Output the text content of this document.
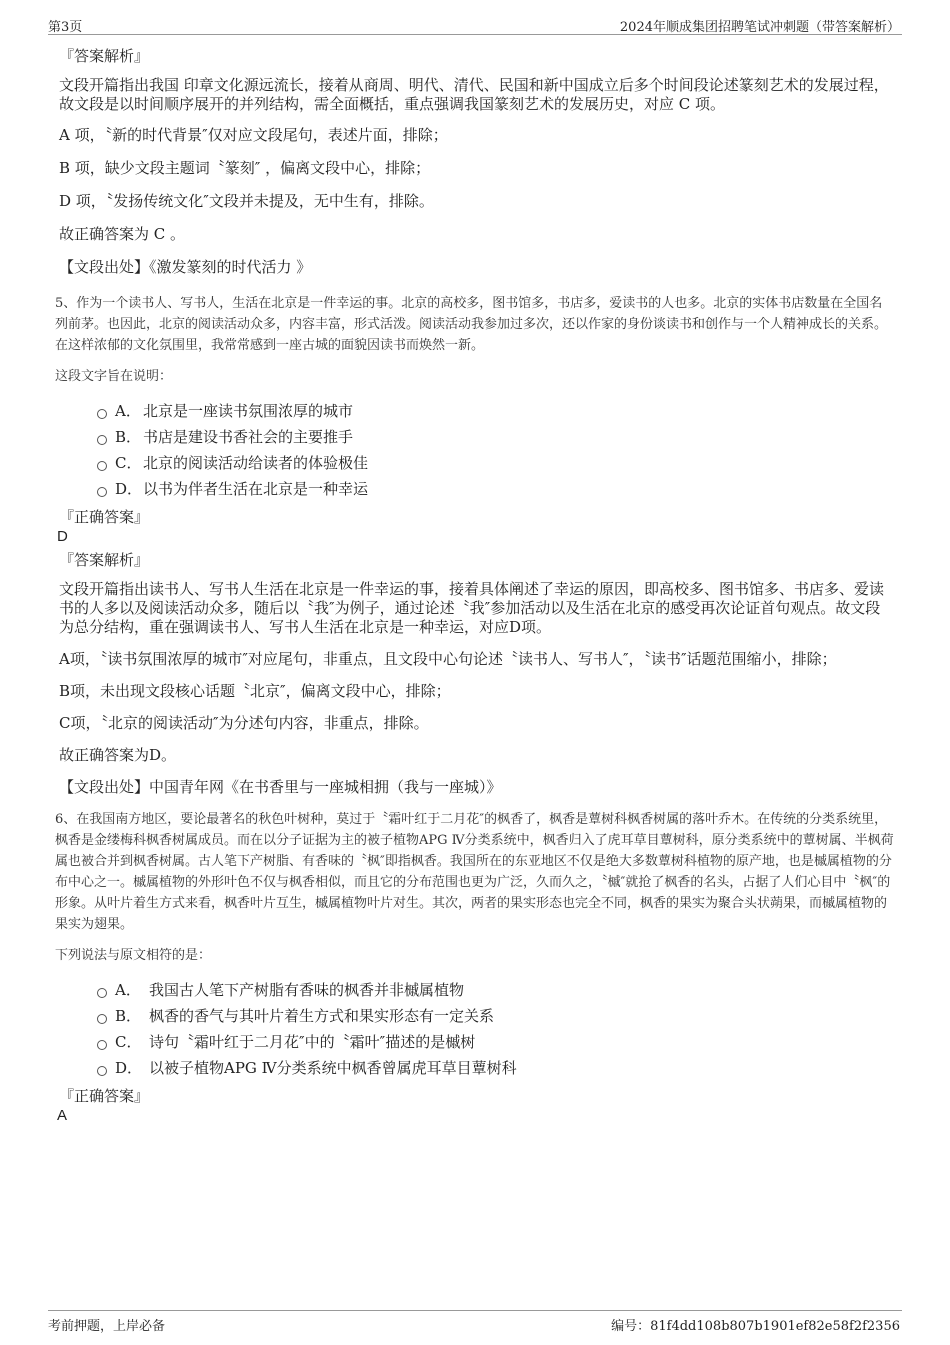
第3页	2024年顺成集团招聘笔试冲刺题（带答案解析）
『答案解析』
文段开篇指出我国 印章文化源远流长，接着从商周、明代、清代、民国和新中国成立后多个时间段论述篆刻艺术的发展过程，故文段是以时间顺序展开的并列结构，需全面概括，重点强调我国篆刻艺术的发展历史，对应 C 项。
A 项，〝新的时代背景″仅对应文段尾句，表述片面，排除；
B 项，缺少文段主题词〝篆刻″ ，偏离文段中心，排除；
D 项，〝发扬传统文化″文段并未提及，无中生有，排除。
故正确答案为 C 。
【文段出处】《激发篆刻的时代活力 》
5、作为一个读书人、写书人，生活在北京是一件幸运的事。北京的高校多，图书馆多，书店多，爱读书的人也多。北京的实体书店数量在全国名列前茅。也因此，北京的阅读活动众多，内容丰富，形式活泼。阅读活动我参加过多次，还以作家的身份谈读书和创作与一个人精神成长的关系。在这样浓郁的文化氛围里，我常常感到一座古城的面貌因读书而焕然一新。
这段文字旨在说明：
A． 北京是一座读书氛围浓厚的城市
B． 书店是建设书香社会的主要推手
C． 北京的阅读活动给读者的体验极佳
D． 以书为伴者生活在北京是一种幸运
『正确答案』
D
『答案解析』
文段开篇指出读书人、写书人生活在北京是一件幸运的事，接着具体阐述了幸运的原因，即高校多、图书馆多、书店多、爱读书的人多以及阅读活动众多，随后以〝我″为例子，通过论述〝我″参加活动以及生活在北京的感受再次论证首句观点。故文段为总分结构，重在强调读书人、写书人生活在北京是一种幸运，对应D项。
A项，〝读书氛围浓厚的城市″对应尾句，非重点，且文段中心句论述〝读书人、写书人″，〝读书″话题范围缩小，排除；
B项，未出现文段核心话题〝北京″，偏离文段中心，排除；
C项，〝北京的阅读活动″为分述句内容，非重点，排除。
故正确答案为D。
【文段出处】中国青年网《在书香里与一座城相拥（我与一座城）》
6、在我国南方地区，要论最著名的秋色叶树种，莫过于〝霜叶红于二月花″的枫香了，枫香是蕈树科枫香树属的落叶乔木。在传统的分类系统里，枫香是金缕梅科枫香树属成员。而在以分子证据为主的被子植物APG Ⅳ分类系统中，枫香归入了虎耳草目蕈树科，原分类系统中的蕈树属、半枫荷属也被合并到枫香树属。古人笔下产树脂、有香味的〝枫″即指枫香。我国所在的东亚地区不仅是绝大多数蕈树科植物的原产地，也是槭属植物的分布中心之一。槭属植物的外形叶色不仅与枫香相似，而且它的分布范围也更为广泛，久而久之，〝槭″就抢了枫香的名头，占据了人们心目中〝枫″的形象。从叶片着生方式来看，枫香叶片互生，槭属植物叶片对生。其次，两者的果实形态也完全不同，枫香的果实为聚合头状蒴果，而槭属植物的果实为翅果。
下列说法与原文相符的是：
A． 我国古人笔下产树脂有香味的枫香并非槭属植物
B． 枫香的香气与其叶片着生方式和果实形态有一定关系
C． 诗句〝霜叶红于二月花″中的〝霜叶″描述的是槭树
D． 以被子植物APG Ⅳ分类系统中枫香曾属虎耳草目蕈树科
『正确答案』
A
考前押题，上岸必备	编号：81f4dd108b807b1901ef82e58f2f2356
